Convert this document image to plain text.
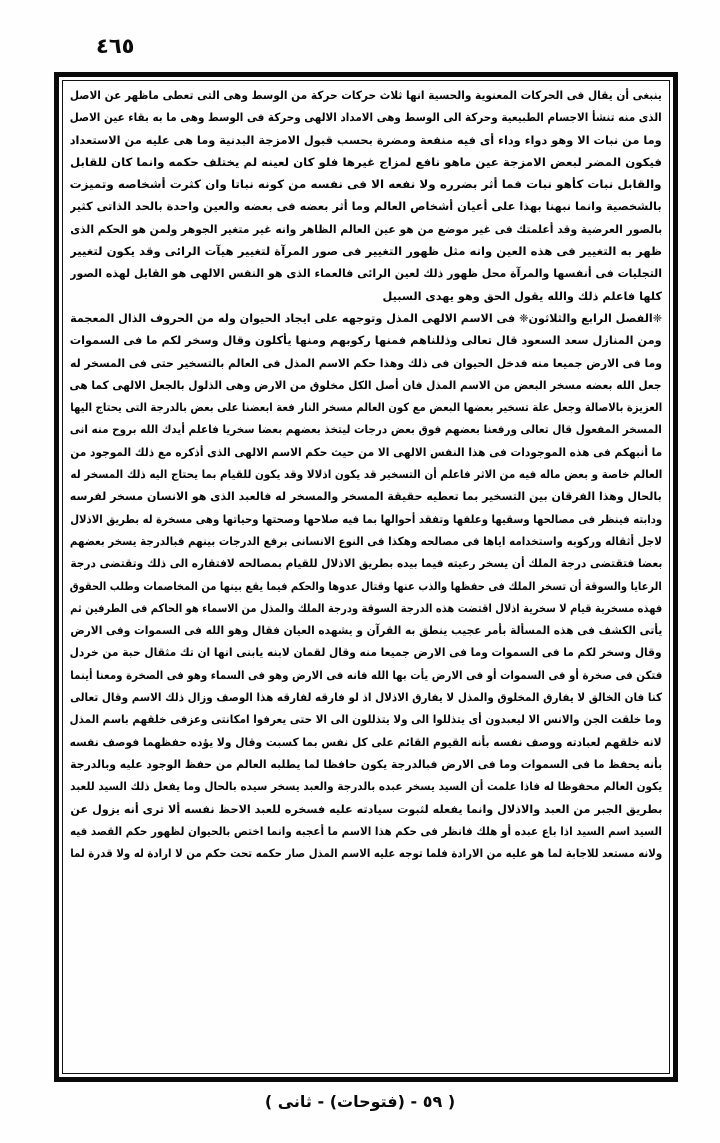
٤٦٥
ينبغى أن يقال فى الحركات المعنوية والحسية انها ثلاث حركات حركة من الوسط وهى التى تعطى ماظهر عن الاصل
الذى منه تنشأ الاجسام الطبيعية وحركة الى الوسط وهى الامداد الالهى وحركة فى الوسط وهى ما به بقاء عين الاصل
وما من نبات الا وهو دواء وداء أى فيه منفعة ومضرة بحسب قبول الامزجة البدنية وما هى عليه من الاستعداد
فيكون المضر لبعض الامزجة عين ماهو نافع لمزاج غيرها فلو كان لعينه لم يختلف حكمه وانما كان للقابل
والقابل نبات كأهو نبات فما أثر بضرره ولا نفعه الا فى نفسه من كونه نباتا وان كثرت أشخاصه وتميزت
بالشخصية وانما نبهنا بهذا على أعيان أشخاص العالم وما أثر بعضه فى بعضه والعين واحدة بالحد الذاتى كثير
بالصور العرضية وقد أعلمتك فى غير موضع من هو عين العالم الظاهر وانه غير متغير الجوهر ولمن هو الحكم الذى
ظهر به التغيير فى هذه العين وانه مثل ظهور التغيير فى صور المرآة لتغيير هيآت الرائى وقد يكون لتغيير
التجليات فى أنفسها والمرآة محل ظهور ذلك لعين الرائى فالعماء الذى هو النفس الالهى هو القابل لهذه الصور
كلها فاعلم ذلك والله يقول الحق وهو يهدى السبيل
❈الفصل الرابع والثلاثون❈ فى الاسم الالهى المذل وتوجهه على ايجاد الحيوان وله من الحروف الذال المعجمة
ومن المنازل سعد السعود قال تعالى وذللناهم فمنها ركوبهم ومنها يأكلون وقال وسخر لكم ما فى السموات
وما فى الارض جميعا منه فدخل الحيوان فى ذلك وهذا حكم الاسم المذل فى العالم بالتسخير حتى فى المسخر له
جعل الله بعضه مسخر البعض من الاسم المذل فان أصل الكل مخلوق من الارض وهى الذلول بالجعل الالهى كما هى
العزيزة بالاصالة وجعل علة تسخير بعضها البعض مع كون العالم مسخر النار فعة ابعضنا على بعض بالدرجة التى يحتاج اليها
المسخر المفعول قال تعالى ورفعنا بعضهم فوق بعض درجات ليتخذ بعضهم بعضا سخريا فاعلم أيدك الله بروح منه انى
ما أنبهكم فى هذه الموجودات فى هذا النفس الالهى الا من حيث حكم الاسم الالهى الذى أذكره مع ذلك الموجود من
العالم خاصة و بعض ماله فيه من الاثر فاعلم أن التسخير قد يكون اذلالا وقد يكون للقيام بما يحتاج اليه ذلك المسخر له
بالحال وهذا الفرقان بين التسخير بما تعطيه حقيقة المسخر والمسخر له فالعبد الذى هو الانسان مسخر لفرسه
ودابته فينظر فى مصالحها وسقيها وعلفها وتفقد أحوالها بما فيه صلاحها وصحتها وحياتها وهى مسخرة له بطريق الاذلال
لاجل أثقاله وركوبه واستخدامه اياها فى مصالحه وهكذا فى النوع الانسانى برفع الدرجات بينهم فبالدرجة يسخر بعضهم
بعضا فتقتضى درجة الملك أن يسخر رعيته فيما بيده بطريق الاذلال للقيام بمصالحه لافتقاره الى ذلك وتقتضى درجة
الرعايا والسوقة أن تسخر الملك فى حفظها والذب عنها وقتال عدوها والحكم فيما يقع بينها من المخاصمات وطلب الحقوق
فهذه مسخرية قيام لا سخرية اذلال اقتضت هذه الدرجة السوقة ودرجة الملك والمذل من الاسماء هو الحاكم فى الطرفين ثم
يأتى الكشف فى هذه المسألة بأمر عجيب ينطق به القرآن و يشهده العيان فقال وهو الله فى السموات وفى الارض
وقال وسخر لكم ما فى السموات وما فى الارض جميعا منه وقال لقمان لابنه يابنى انها ان تك مثقال حبة من خردل
فتكن فى صخرة أو فى السموات أو فى الارض يأت بها الله فانه فى الارض وهو فى السماء وهو فى الصخرة ومعنا أينما
كنا فان الخالق لا يفارق المخلوق والمذل لا يفارق الاذلال اذ لو فارقه لفارقه هذا الوصف وزال ذلك الاسم وقال تعالى
وما خلقت الجن والانس الا ليعبدون أى يتذللوا الى ولا يتذللون الى الا حتى يعرفوا امكانتى وعزفى خلقهم باسم المذل
لانه خلقهم لعبادته ووصف نفسه بأنه القيوم القائم على كل نفس بما كسبت وقال ولا يؤده حفظهما فوصف نفسه
بأنه يحفظ ما فى السموات وما فى الارض فبالدرجة يكون حافظا لما يطلبه العالم من حفظ الوجود عليه وبالدرجة
يكون العالم محفوظا له فاذا علمت أن السيد يسخر عبده بالدرجة والعبد يسخر سيده بالحال وما يفعل ذلك السيد للعبد
بطريق الجبر من العبد والاذلال وانما يفعله لثبوت سيادته عليه فسخره للعبد الاحظ نفسه ألا ترى أنه يزول عن
السيد اسم السيد اذا باع عبده أو هلك فانظر فى حكم هذا الاسم ما أعجبه وانما اختص بالحيوان لظهور حكم القصد فيه
ولانه مستعد للاجابة لما هو عليه من الارادة فلما توجه عليه الاسم المذل صار حكمه تحت حكم من لا ارادة له ولا قدرة لما
( ٥٩ - (فتوحات) - ثانى )
